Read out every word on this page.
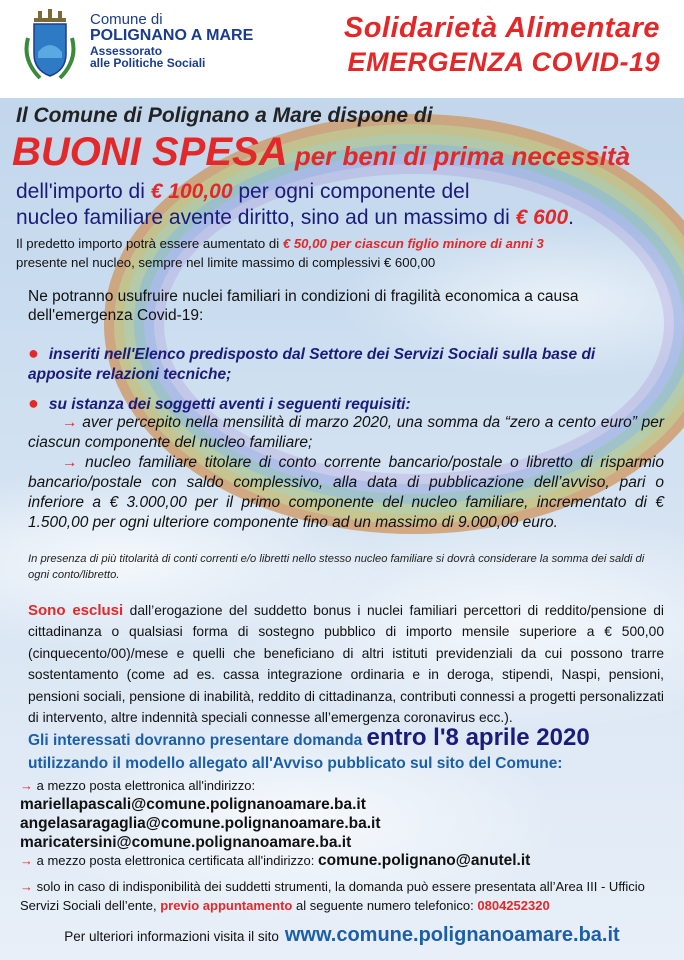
Comune di
POLIGNANO A MARE
Assessorato
alle Politiche Sociali
Solidarietà Alimentare
EMERGENZA COVID-19
Il Comune di Polignano a Mare dispone di
BUONI SPESA per beni di prima necessità
dell'importo di € 100,00 per ogni componente del
nucleo familiare avente diritto, sino ad un massimo di € 600.
Il predetto importo potrà essere aumentato di € 50,00 per ciascun figlio minore di anni 3
presente nel nucleo, sempre nel limite massimo di complessivi € 600,00
Ne potranno usufruire nuclei familiari in condizioni di fragilità economica a causa dell'emergenza Covid-19:
● inseriti nell'Elenco predisposto dal Settore dei Servizi Sociali sulla base di apposite relazioni tecniche;
● su istanza dei soggetti aventi i seguenti requisiti:
→ aver percepito nella mensilità di marzo 2020, una somma da “zero a cento euro” per ciascun componente del nucleo familiare;
→ nucleo familiare titolare di conto corrente bancario/postale o libretto di risparmio bancario/postale con saldo complessivo, alla data di pubblicazione dell’avviso, pari o inferiore a € 3.000,00 per il primo componente del nucleo familiare, incrementato di € 1.500,00 per ogni ulteriore componente fino ad un massimo di 9.000,00 euro.
In presenza di più titolarità di conti correnti e/o libretti nello stesso nucleo familiare si dovrà considerare la somma dei saldi di ogni conto/libretto.
Sono esclusi dall’erogazione del suddetto bonus i nuclei familiari percettori di reddito/pensione di cittadinanza o qualsiasi forma di sostegno pubblico di importo mensile superiore a € 500,00 (cinquecento/00)/mese e quelli che beneficiano di altri istituti previdenziali da cui possono trarre sostentamento (come ad es. cassa integrazione ordinaria e in deroga, stipendi, Naspi, pensioni, pensioni sociali, pensione di inabilità, reddito di cittadinanza, contributi connessi a progetti personalizzati di intervento, altre indennità speciali connesse all’emergenza coronavirus ecc.).
Gli interessati dovranno presentare domanda entro l'8 aprile 2020
utilizzando il modello allegato all'Avviso pubblicato sul sito del Comune:
→ a mezzo posta elettronica all'indirizzo:
mariellapascali@comune.polignanoamare.ba.it
angelasaragaglia@comune.polignanoamare.ba.it
maricatersini@comune.polignanoamare.ba.it
→ a mezzo posta elettronica certificata all'indirizzo: comune.polignano@anutel.it
→ solo in caso di indisponibilità dei suddetti strumenti, la domanda può essere presentata all’Area III - Ufficio Servizi Sociali dell’ente, previo appuntamento al seguente numero telefonico: 0804252320
Per ulteriori informazioni visita il sito www.comune.polignanoamare.ba.it
